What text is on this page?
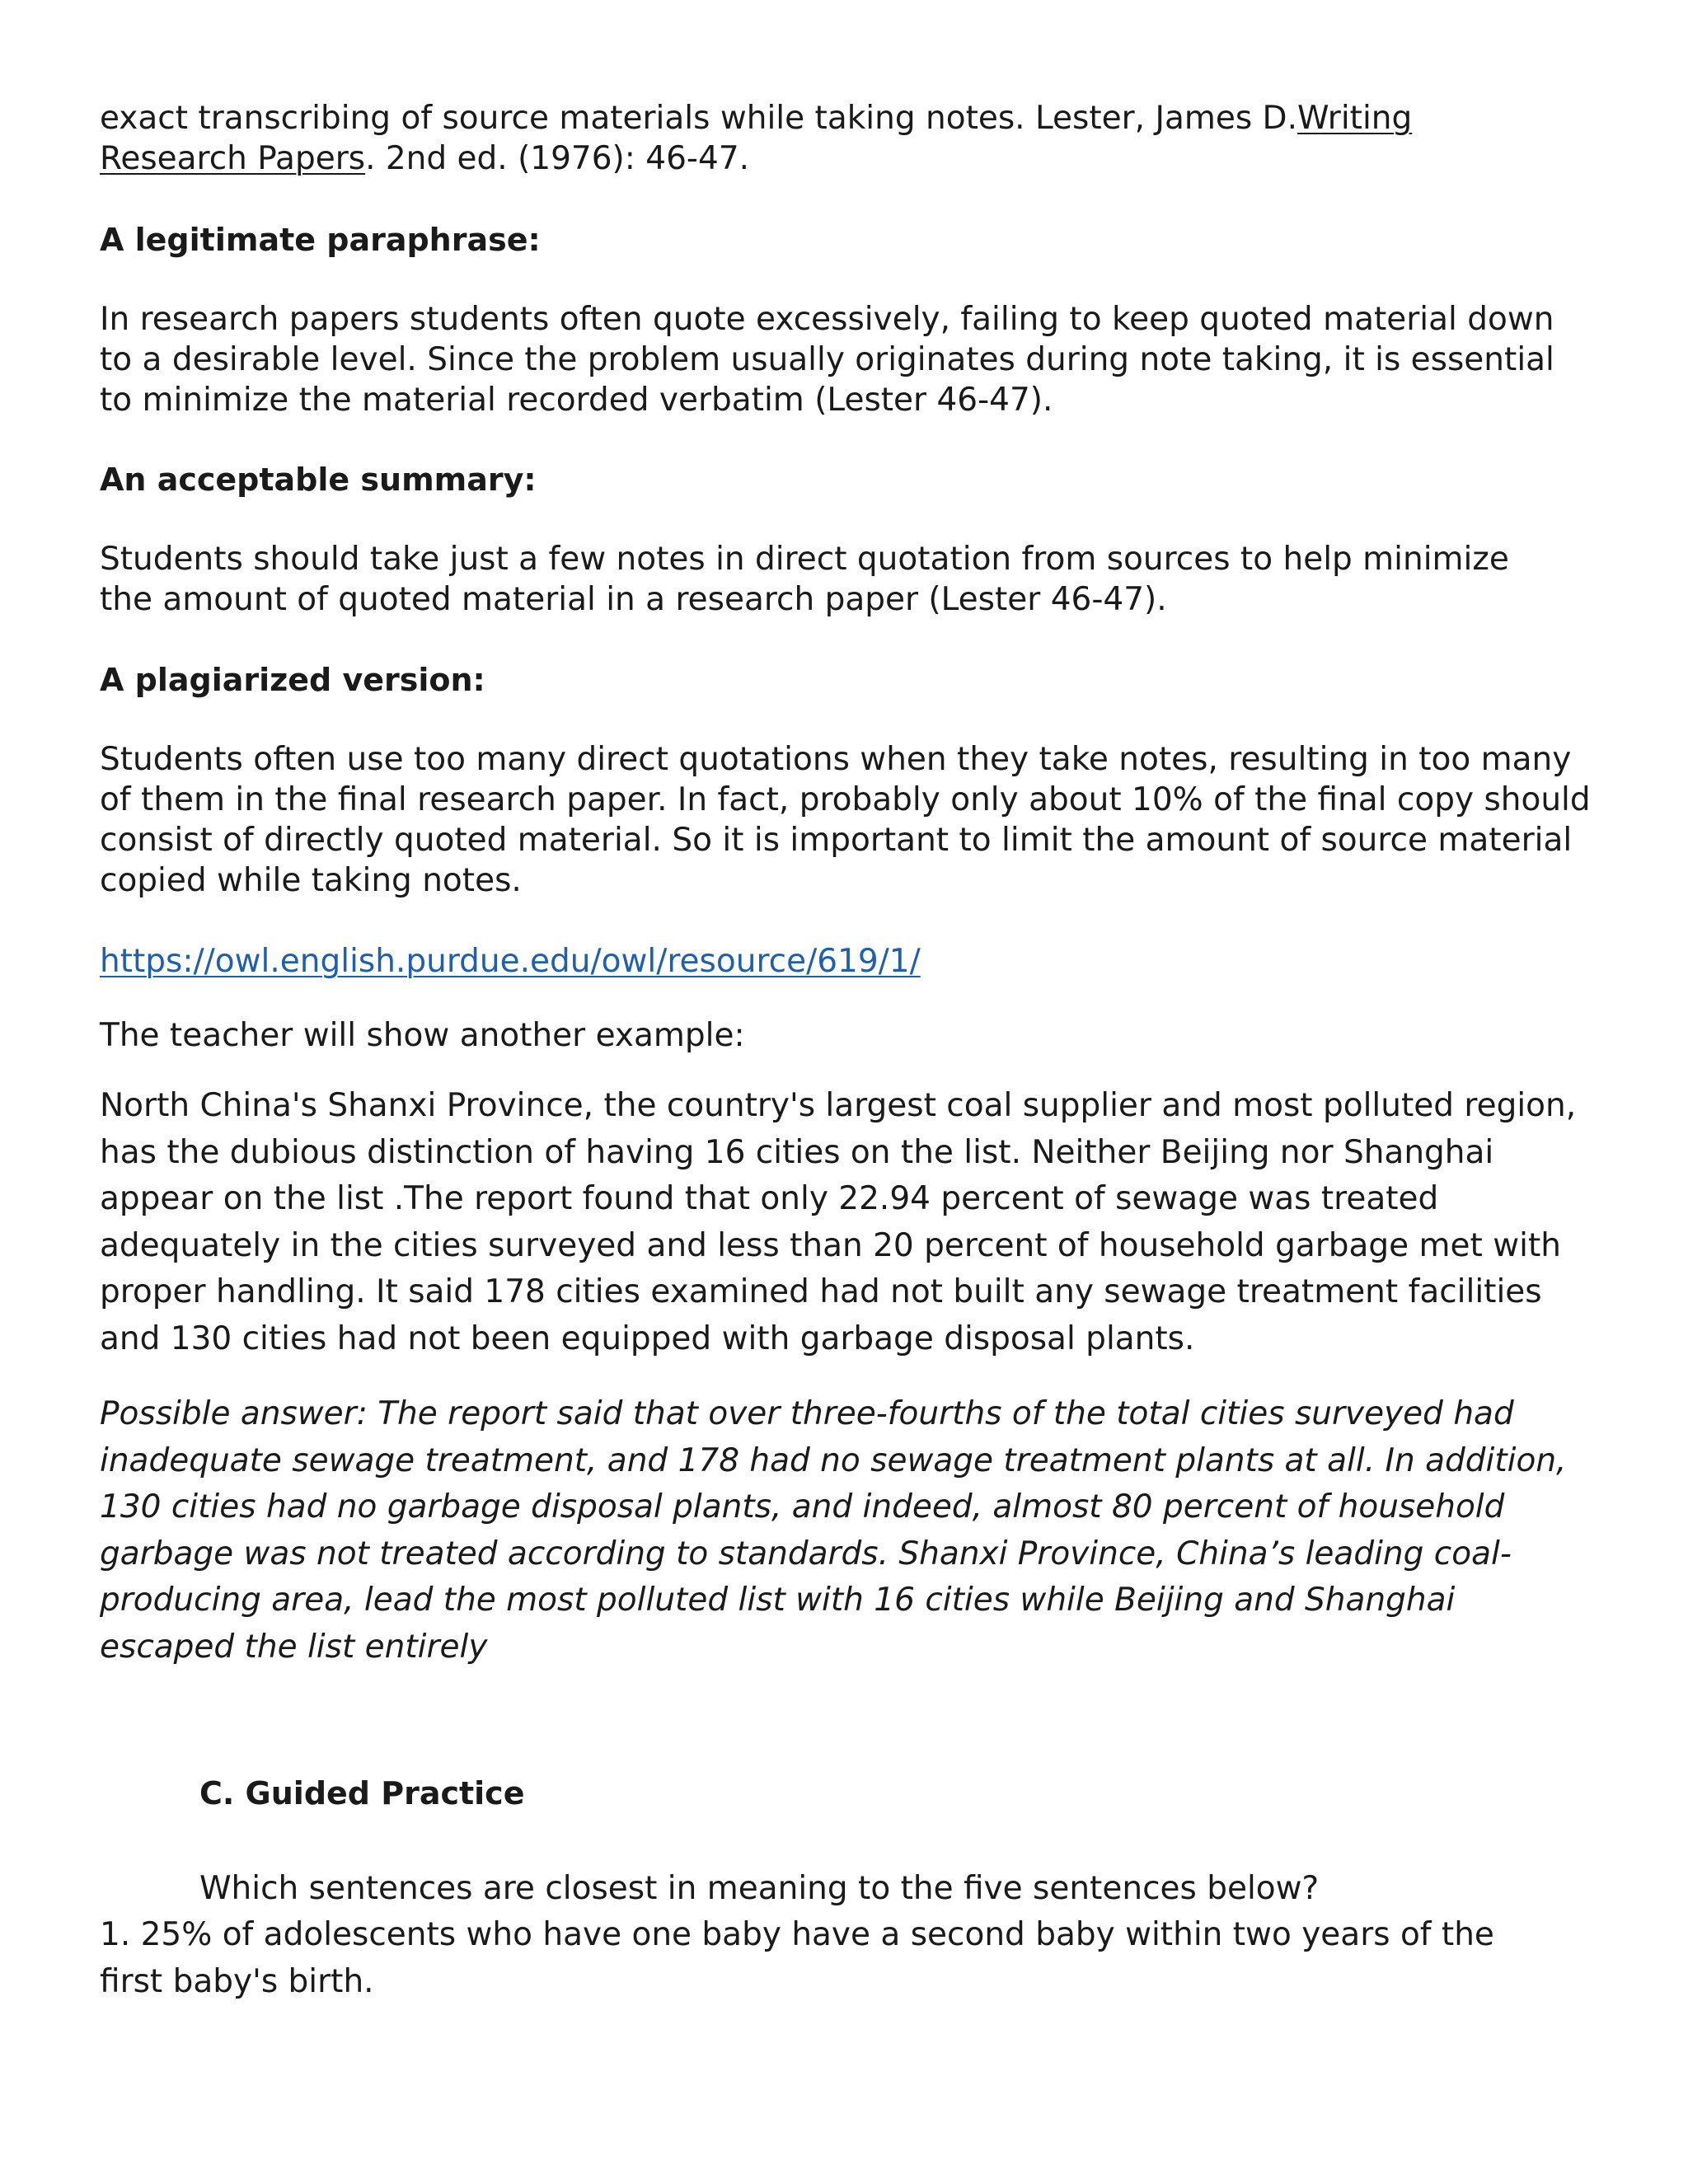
exact transcribing of source materials while taking notes. Lester, James D.Writing Research Papers. 2nd ed. (1976): 46-47.

A legitimate paraphrase:

In research papers students often quote excessively, failing to keep quoted material down to a desirable level. Since the problem usually originates during note taking, it is essential to minimize the material recorded verbatim (Lester 46-47).

An acceptable summary:

Students should take just a few notes in direct quotation from sources to help minimize the amount of quoted material in a research paper (Lester 46-47).

A plagiarized version:

Students often use too many direct quotations when they take notes, resulting in too many of them in the final research paper. In fact, probably only about 10% of the final copy should consist of directly quoted material. So it is important to limit the amount of source material copied while taking notes.

https://owl.english.purdue.edu/owl/resource/619/1/

The teacher will show another example:

North China's Shanxi Province, the country's largest coal supplier and most polluted region, has the dubious distinction of having 16 cities on the list. Neither Beijing nor Shanghai appear on the list .The report found that only 22.94 percent of sewage was treated adequately in the cities surveyed and less than 20 percent of household garbage met with proper handling. It said 178 cities examined had not built any sewage treatment facilities and 130 cities had not been equipped with garbage disposal plants.

Possible answer: The report said that over three-fourths of the total cities surveyed had inadequate sewage treatment, and 178 had no sewage treatment plants at all. In addition, 130 cities had no garbage disposal plants, and indeed, almost 80 percent of household garbage was not treated according to standards. Shanxi Province, China’s leading coal-producing area, lead the most polluted list with 16 cities while Beijing and Shanghai escaped the list entirely

C. Guided Practice

Which sentences are closest in meaning to the five sentences below?

1. 25% of adolescents who have one baby have a second baby within two years of the first baby's birth.
